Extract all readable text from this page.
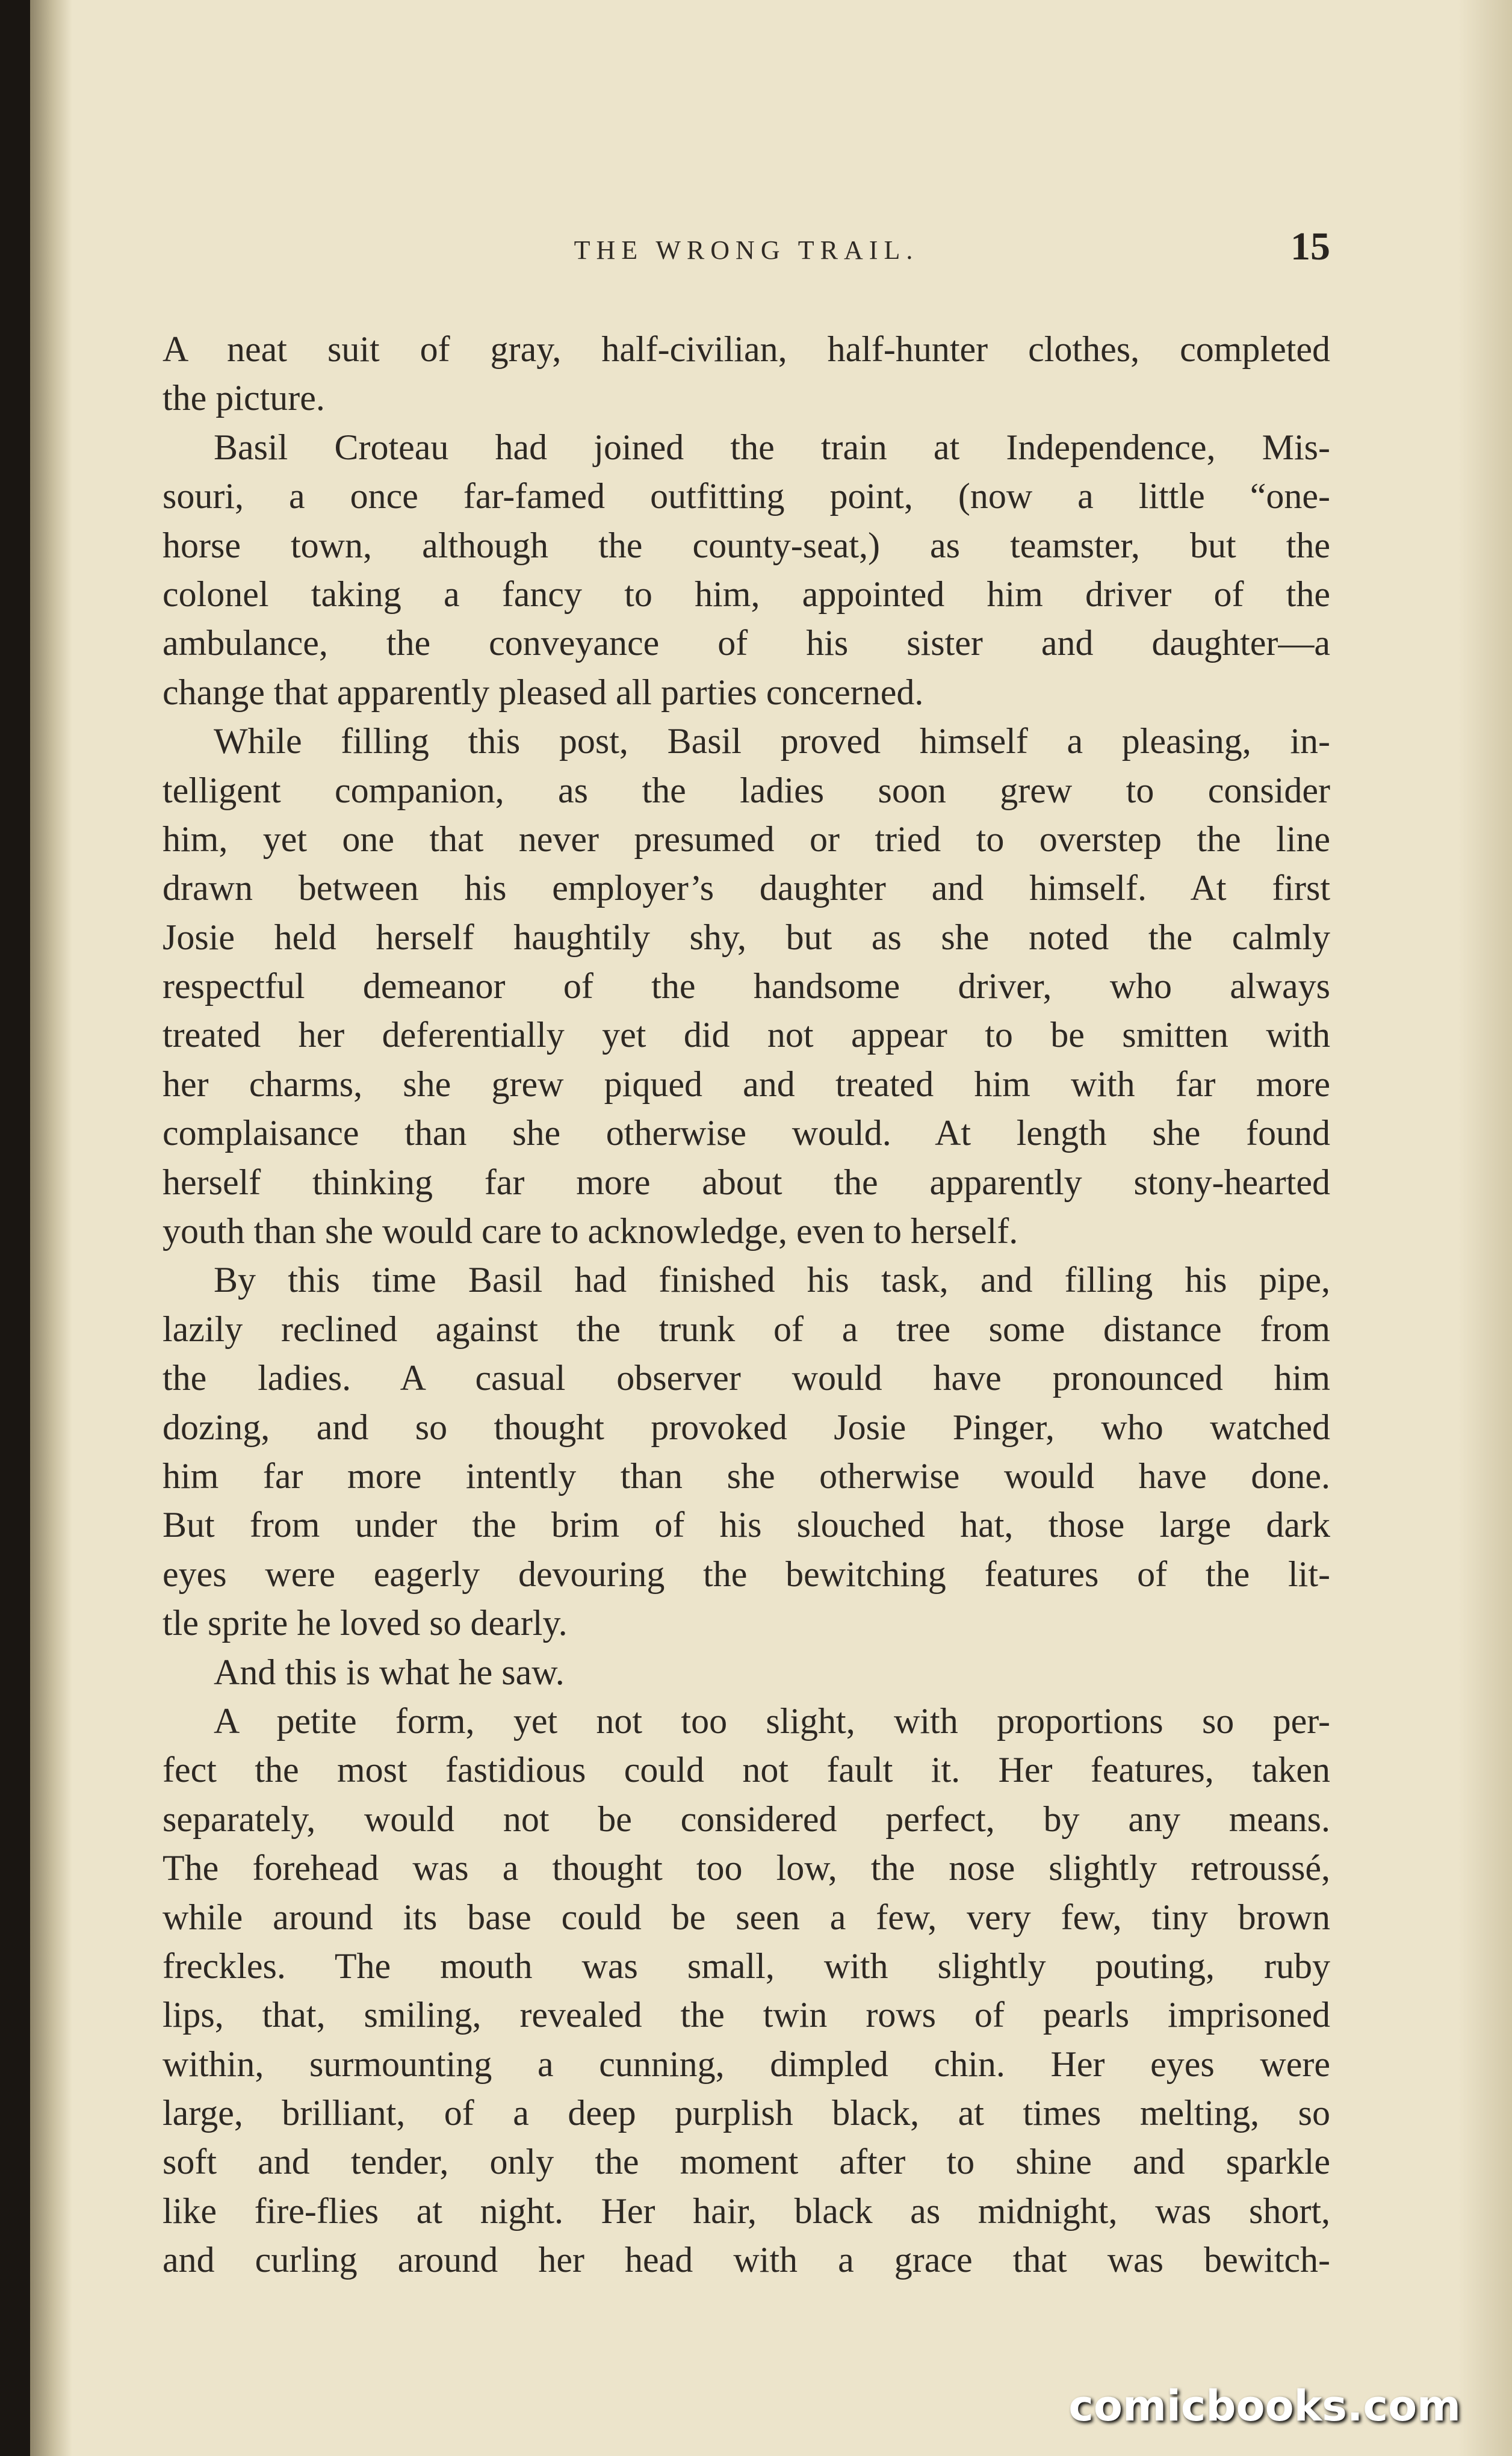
THE WRONG TRAIL.	15
A neat suit of gray, half-civilian, half-hunter clothes, completed
the picture.
Basil Croteau had joined the train at Independence, Mis-
souri, a once far-famed outfitting point, (now a little “one-
horse town, although the county-seat,) as teamster, but the
colonel taking a fancy to him, appointed him driver of the
ambulance, the conveyance of his sister and daughter—a
change that apparently pleased all parties concerned.
While filling this post, Basil proved himself a pleasing, in-
telligent companion, as the ladies soon grew to consider
him, yet one that never presumed or tried to overstep the line
drawn between his employer’s daughter and himself. At first
Josie held herself haughtily shy, but as she noted the calmly
respectful demeanor of the handsome driver, who always
treated her deferentially yet did not appear to be smitten with
her charms, she grew piqued and treated him with far more
complaisance than she otherwise would. At length she found
herself thinking far more about the apparently stony-hearted
youth than she would care to acknowledge, even to herself.
By this time Basil had finished his task, and filling his pipe,
lazily reclined against the trunk of a tree some distance from
the ladies. A casual observer would have pronounced him
dozing, and so thought provoked Josie Pinger, who watched
him far more intently than she otherwise would have done.
But from under the brim of his slouched hat, those large dark
eyes were eagerly devouring the bewitching features of the lit-
tle sprite he loved so dearly.
And this is what he saw.
A petite form, yet not too slight, with proportions so per-
fect the most fastidious could not fault it. Her features, taken
separately, would not be considered perfect, by any means.
The forehead was a thought too low, the nose slightly retroussé,
while around its base could be seen a few, very few, tiny brown
freckles. The mouth was small, with slightly pouting, ruby
lips, that, smiling, revealed the twin rows of pearls imprisoned
within, surmounting a cunning, dimpled chin. Her eyes were
large, brilliant, of a deep purplish black, at times melting, so
soft and tender, only the moment after to shine and sparkle
like fire-flies at night. Her hair, black as midnight, was short,
and curling around her head with a grace that was bewitch-
comicbooks.com
